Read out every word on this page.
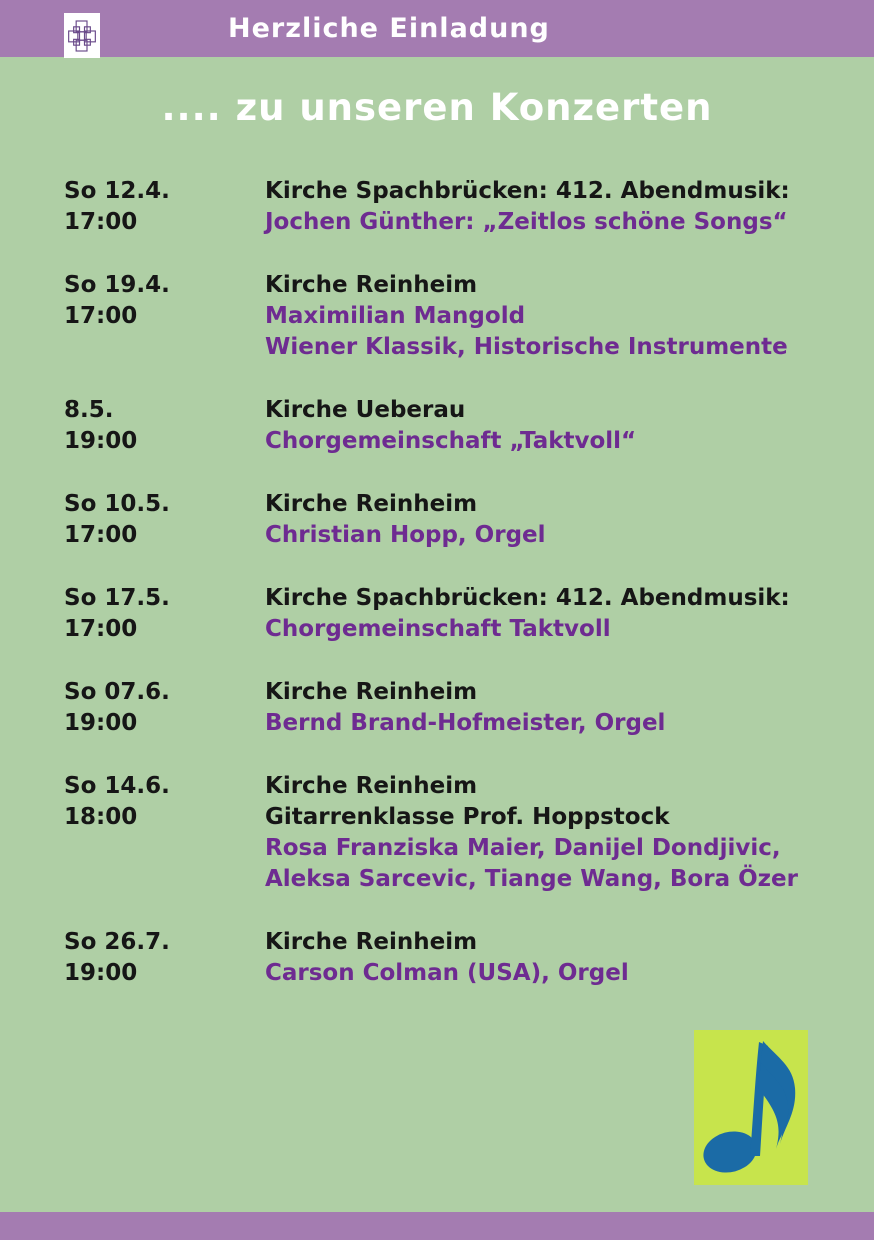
Herzliche Einladung
.... zu unseren Konzerten
So 12.4.
17:00
Kirche Spachbrücken: 412. Abendmusik:
Jochen Günther: „Zeitlos schöne Songs“
So 19.4.
17:00
Kirche Reinheim
Maximilian Mangold
Wiener Klassik, Historische Instrumente
8.5.
19:00
Kirche Ueberau
Chorgemeinschaft „Taktvoll“
So 10.5.
17:00
Kirche Reinheim
Christian Hopp, Orgel
So 17.5.
17:00
Kirche Spachbrücken: 412. Abendmusik:
Chorgemeinschaft Taktvoll
So 07.6.
19:00
Kirche Reinheim
Bernd Brand-Hofmeister, Orgel
So 14.6.
18:00
Kirche Reinheim
Gitarrenklasse Prof. Hoppstock
Rosa Franziska Maier, Danijel Dondjivic,
Aleksa Sarcevic, Tiange Wang, Bora Özer
So 26.7.
19:00
Kirche Reinheim
Carson Colman (USA), Orgel
